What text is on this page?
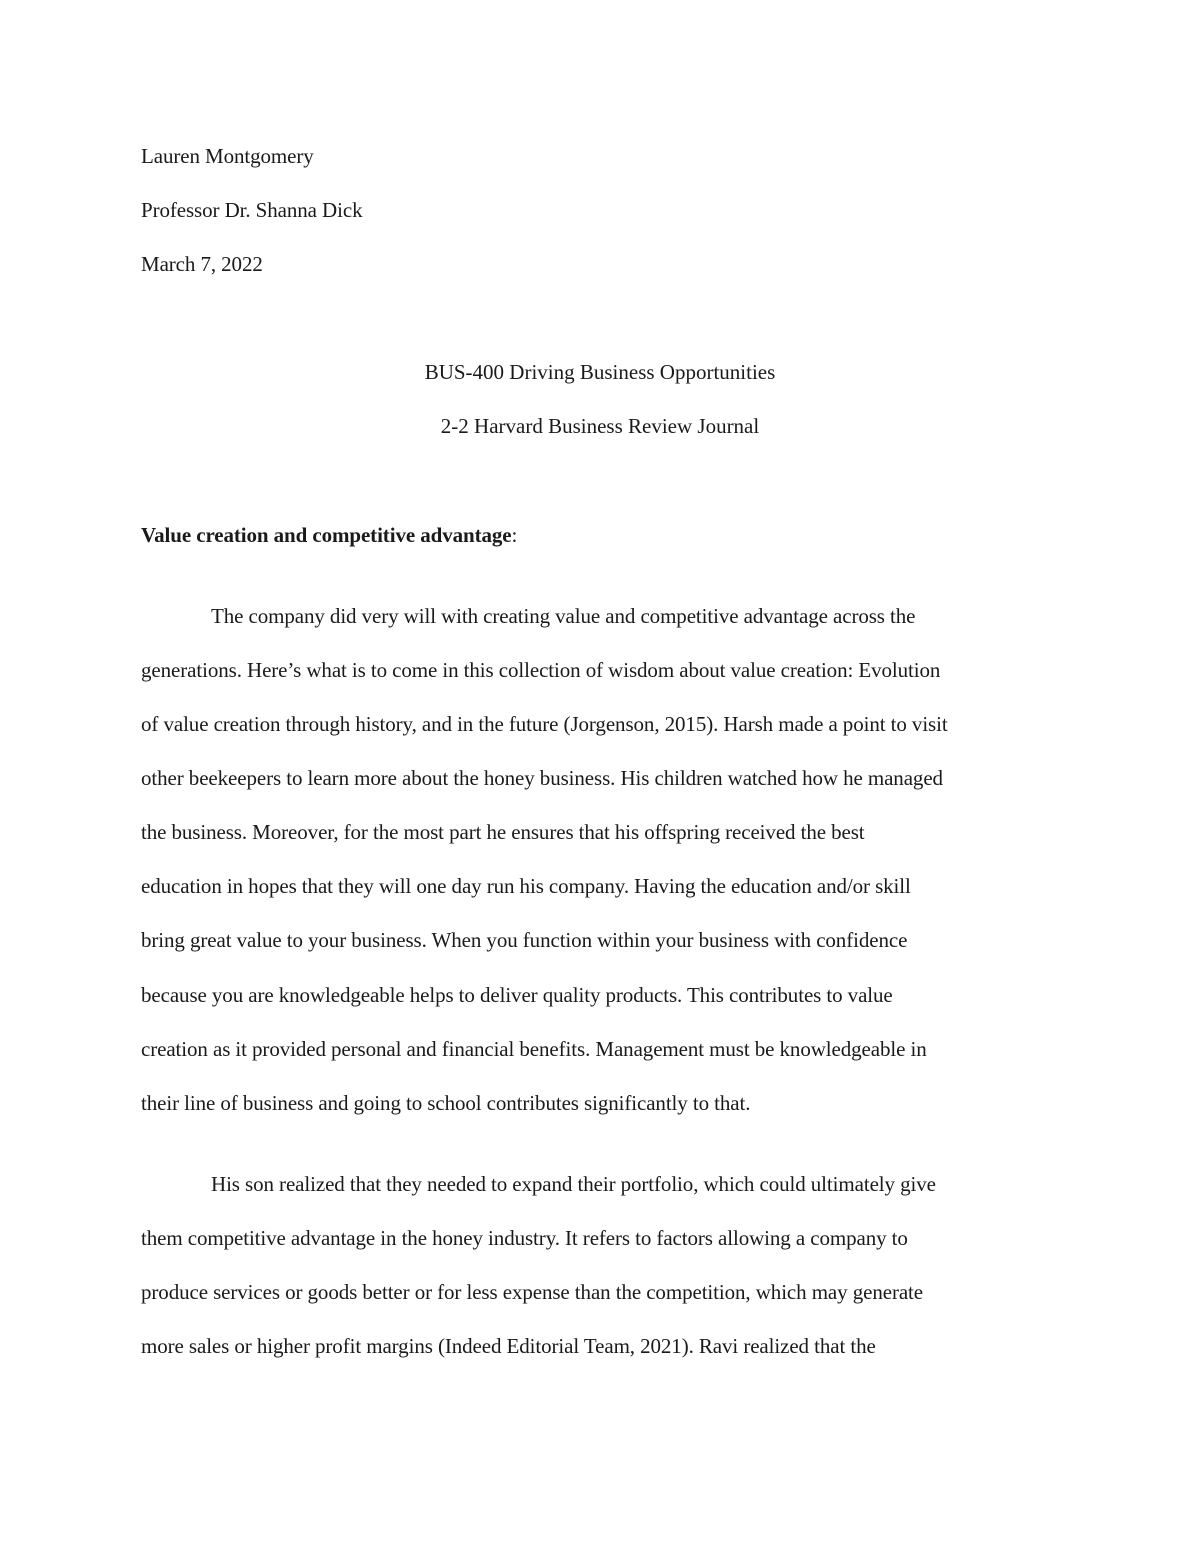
Lauren Montgomery
Professor Dr. Shanna Dick
March 7, 2022
BUS-400 Driving Business Opportunities
2-2 Harvard Business Review Journal
Value creation and competitive advantage:
The company did very will with creating value and competitive advantage across the
generations. Here’s what is to come in this collection of wisdom about value creation: Evolution
of value creation through history, and in the future (Jorgenson, 2015). Harsh made a point to visit
other beekeepers to learn more about the honey business. His children watched how he managed
the business. Moreover, for the most part he ensures that his offspring received the best
education in hopes that they will one day run his company. Having the education and/or skill
bring great value to your business. When you function within your business with confidence
because you are knowledgeable helps to deliver quality products. This contributes to value
creation as it provided personal and financial benefits. Management must be knowledgeable in
their line of business and going to school contributes significantly to that.
His son realized that they needed to expand their portfolio, which could ultimately give
them competitive advantage in the honey industry. It refers to factors allowing a company to
produce services or goods better or for less expense than the competition, which may generate
more sales or higher profit margins (Indeed Editorial Team, 2021). Ravi realized that the
